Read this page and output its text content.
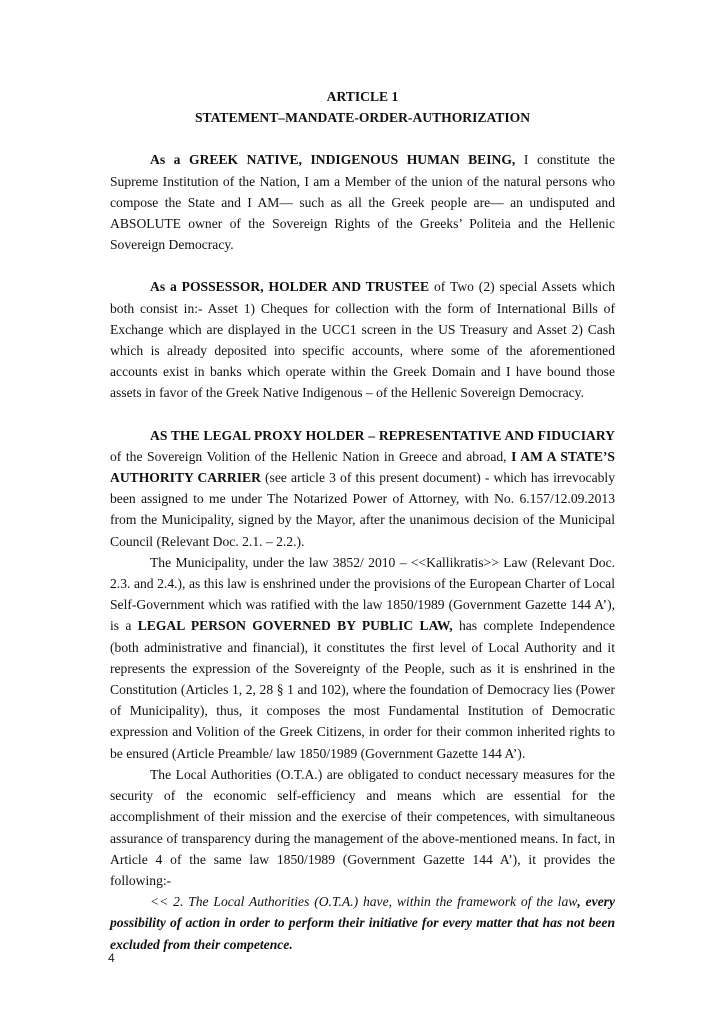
ARTICLE 1
STATEMENT–MANDATE-ORDER-AUTHORIZATION

As a GREEK NATIVE, INDIGENOUS HUMAN BEING, I constitute the Supreme Institution of the Nation, I am a Member of the union of the natural persons who compose the State and I AM— such as all the Greek people are— an undisputed and ABSOLUTE owner of the Sovereign Rights of the Greeks’ Politeia and the Hellenic Sovereign Democracy.

As a POSSESSOR, HOLDER AND TRUSTEE of Two (2) special Assets which both consist in:- Asset 1) Cheques for collection with the form of International Bills of Exchange which are displayed in the UCC1 screen in the US Treasury and Asset 2) Cash which is already deposited into specific accounts, where some of the aforementioned accounts exist in banks which operate within the Greek Domain and I have bound those assets in favor of the Greek Native Indigenous – of the Hellenic Sovereign Democracy.

AS THE LEGAL PROXY HOLDER – REPRESENTATIVE AND FIDUCIARY of the Sovereign Volition of the Hellenic Nation in Greece and abroad, I AM A STATE’S AUTHORITY CARRIER (see article 3 of this present document) - which has irrevocably been assigned to me under The Notarized Power of Attorney, with No. 6.157/12.09.2013 from the Municipality, signed by the Mayor, after the unanimous decision of the Municipal Council (Relevant Doc. 2.1. – 2.2.).

The Municipality, under the law 3852/ 2010 – <<Kallikratis>> Law (Relevant Doc. 2.3. and 2.4.), as this law is enshrined under the provisions of the European Charter of Local Self-Government which was ratified with the law 1850/1989 (Government Gazette 144 A’), is a LEGAL PERSON GOVERNED BY PUBLIC LAW, has complete Independence (both administrative and financial), it constitutes the first level of Local Authority and it represents the expression of the Sovereignty of the People, such as it is enshrined in the Constitution (Articles 1, 2, 28 § 1 and 102), where the foundation of Democracy lies (Power of Municipality), thus, it composes the most Fundamental Institution of Democratic expression and Volition of the Greek Citizens, in order for their common inherited rights to be ensured (Article Preamble/ law 1850/1989 (Government Gazette 144 A’).

The Local Authorities (O.T.A.) are obligated to conduct necessary measures for the security of the economic self-efficiency and means which are essential for the accomplishment of their mission and the exercise of their competences, with simultaneous assurance of transparency during the management of the above-mentioned means. In fact, in Article 4 of the same law 1850/1989 (Government Gazette 144 A’), it provides the following:-

<< 2. The Local Authorities (O.T.A.) have, within the framework of the law, every possibility of action in order to perform their initiative for every matter that has not been excluded from their competence.

4
